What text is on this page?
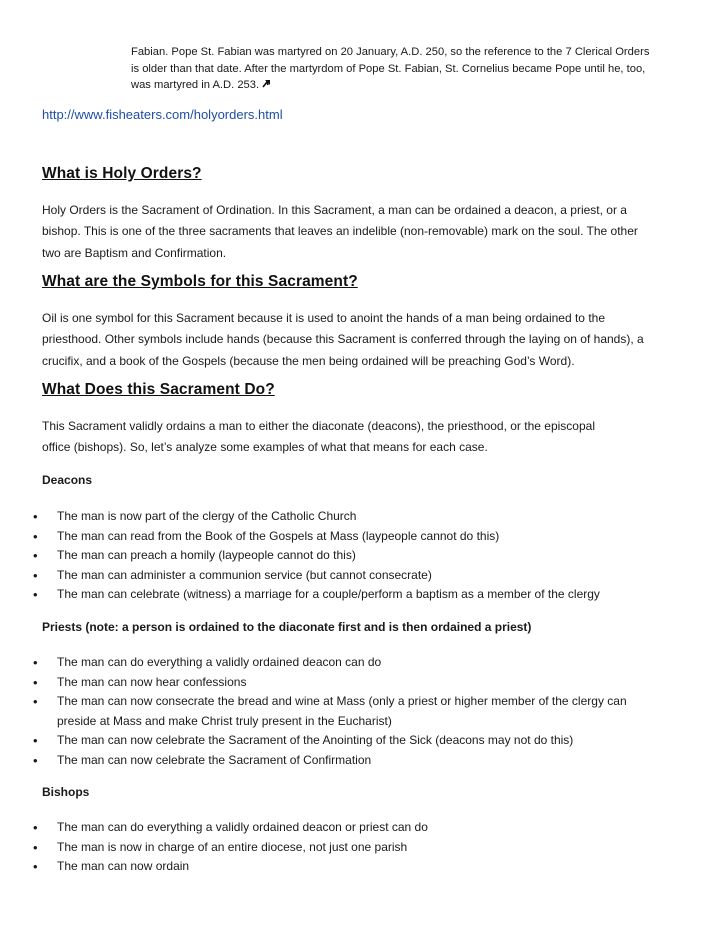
Fabian. Pope St. Fabian was martyred on 20 January, A.D. 250, so the reference to the 7 Clerical Orders
is older than that date. After the martyrdom of Pope St. Fabian, St. Cornelius became Pope until he, too,
was martyred in A.D. 253.
http://www.fisheaters.com/holyorders.html
What is Holy Orders?

Holy Orders is the Sacrament of Ordination. In this Sacrament, a man can be ordained a deacon, a priest, or a
bishop. This is one of the three sacraments that leaves an indelible (non-removable) mark on the soul. The other
two are Baptism and Confirmation.

What are the Symbols for this Sacrament?

Oil is one symbol for this Sacrament because it is used to anoint the hands of a man being ordained to the
priesthood. Other symbols include hands (because this Sacrament is conferred through the laying on of hands), a
crucifix, and a book of the Gospels (because the men being ordained will be preaching God’s Word).

What Does this Sacrament Do?

This Sacrament validly ordains a man to either the diaconate (deacons), the priesthood, or the episcopal
office (bishops). So, let’s analyze some examples of what that means for each case.

Deacons
• The man is now part of the clergy of the Catholic Church
• The man can read from the Book of the Gospels at Mass (laypeople cannot do this)
• The man can preach a homily (laypeople cannot do this)
• The man can administer a communion service (but cannot consecrate)
• The man can celebrate (witness) a marriage for a couple/perform a baptism as a member of the clergy
Priests (note: a person is ordained to the diaconate first and is then ordained a priest)
• The man can do everything a validly ordained deacon can do
• The man can now hear confessions
• The man can now consecrate the bread and wine at Mass (only a priest or higher member of the clergy can
preside at Mass and make Christ truly present in the Eucharist)
• The man can now celebrate the Sacrament of the Anointing of the Sick (deacons may not do this)
• The man can now celebrate the Sacrament of Confirmation
Bishops
• The man can do everything a validly ordained deacon or priest can do
• The man is now in charge of an entire diocese, not just one parish
• The man can now ordain
